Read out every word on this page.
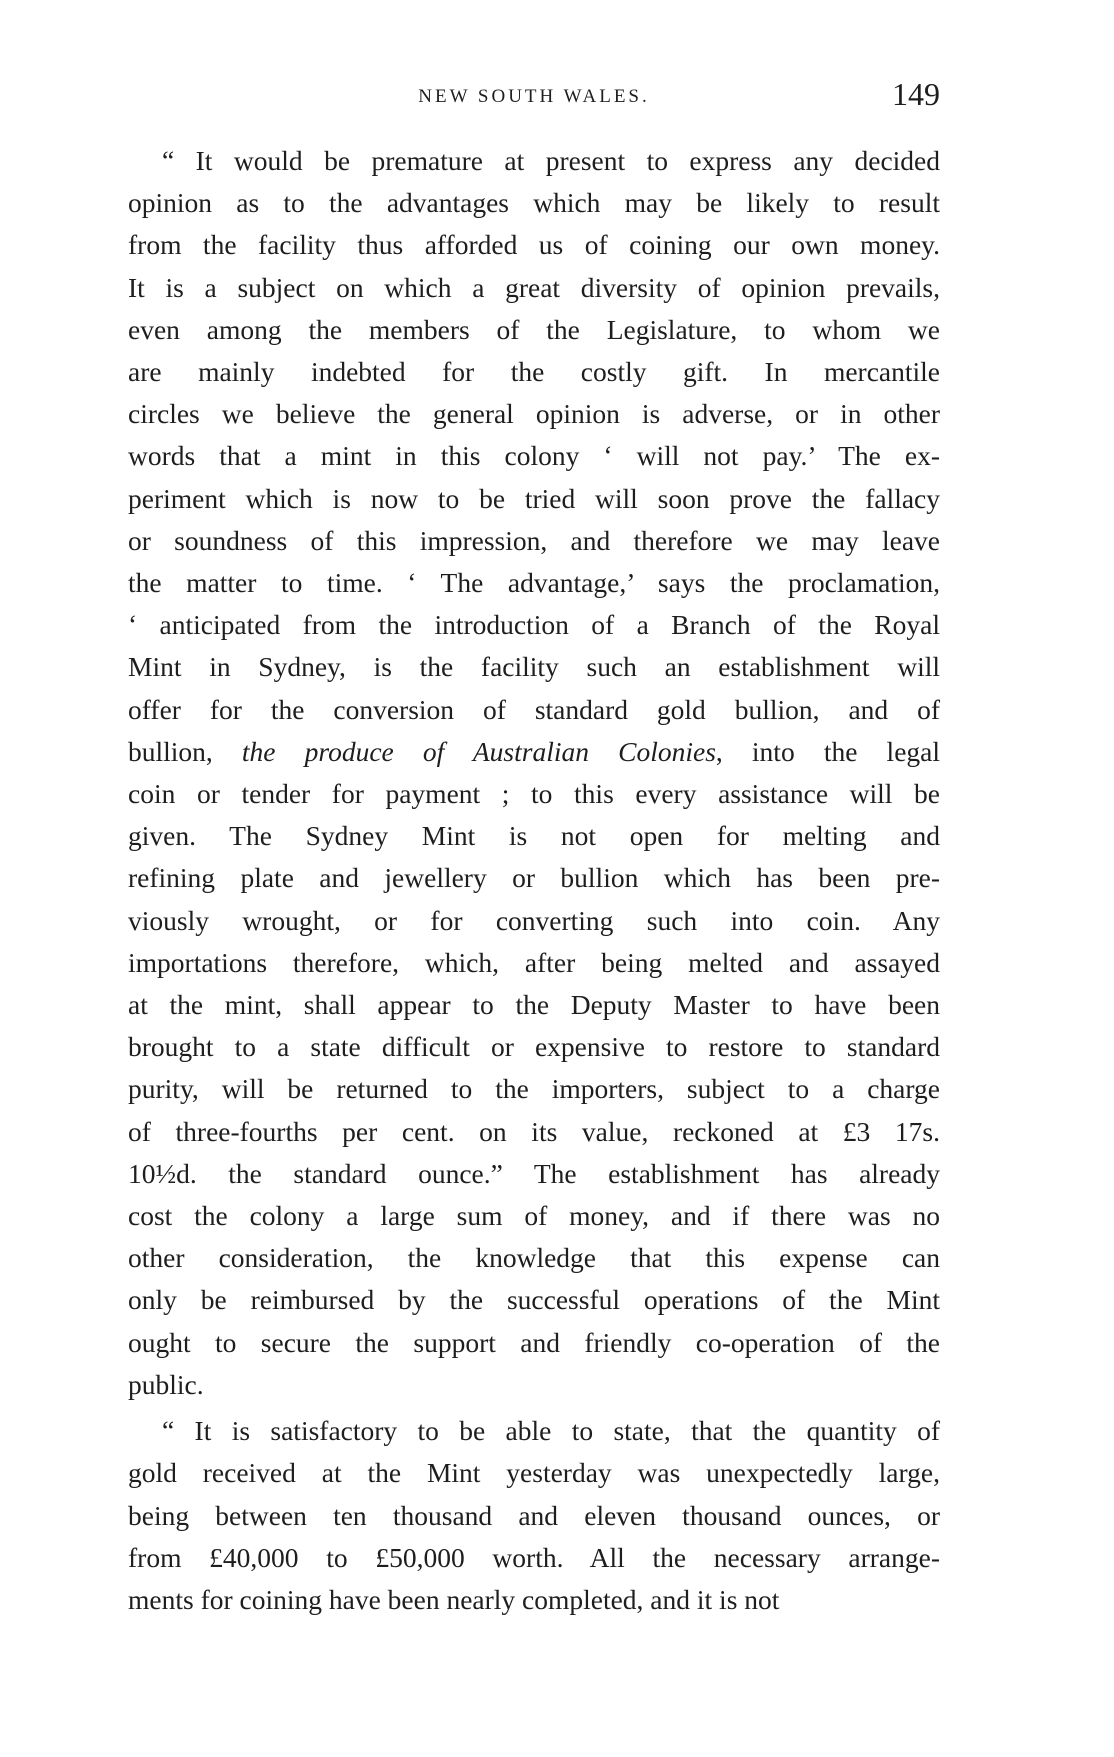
NEW SOUTH WALES.	149
“ It would be premature at present to express any decided
opinion as to the advantages which may be likely to result
from the facility thus afforded us of coining our own money.
It is a subject on which a great diversity of opinion prevails,
even among the members of the Legislature, to whom we
are mainly indebted for the costly gift. In mercantile
circles we believe the general opinion is adverse, or in other
words that a mint in this colony ‘ will not pay.’ The ex-
periment which is now to be tried will soon prove the fallacy
or soundness of this impression, and therefore we may leave
the matter to time. ‘ The advantage,’ says the proclamation,
‘ anticipated from the introduction of a Branch of the Royal
Mint in Sydney, is the facility such an establishment will
offer for the conversion of standard gold bullion, and of
bullion, the produce of Australian Colonies, into the legal
coin or tender for payment ; to this every assistance will be
given. The Sydney Mint is not open for melting and
refining plate and jewellery or bullion which has been pre-
viously wrought, or for converting such into coin. Any
importations therefore, which, after being melted and assayed
at the mint, shall appear to the Deputy Master to have been
brought to a state difficult or expensive to restore to standard
purity, will be returned to the importers, subject to a charge
of three-fourths per cent. on its value, reckoned at £3 17s.
10½d. the standard ounce.” The establishment has already
cost the colony a large sum of money, and if there was no
other consideration, the knowledge that this expense can
only be reimbursed by the successful operations of the Mint
ought to secure the support and friendly co-operation of the
public.
“ It is satisfactory to be able to state, that the quantity of
gold received at the Mint yesterday was unexpectedly large,
being between ten thousand and eleven thousand ounces, or
from £40,000 to £50,000 worth. All the necessary arrange-
ments for coining have been nearly completed, and it is not
